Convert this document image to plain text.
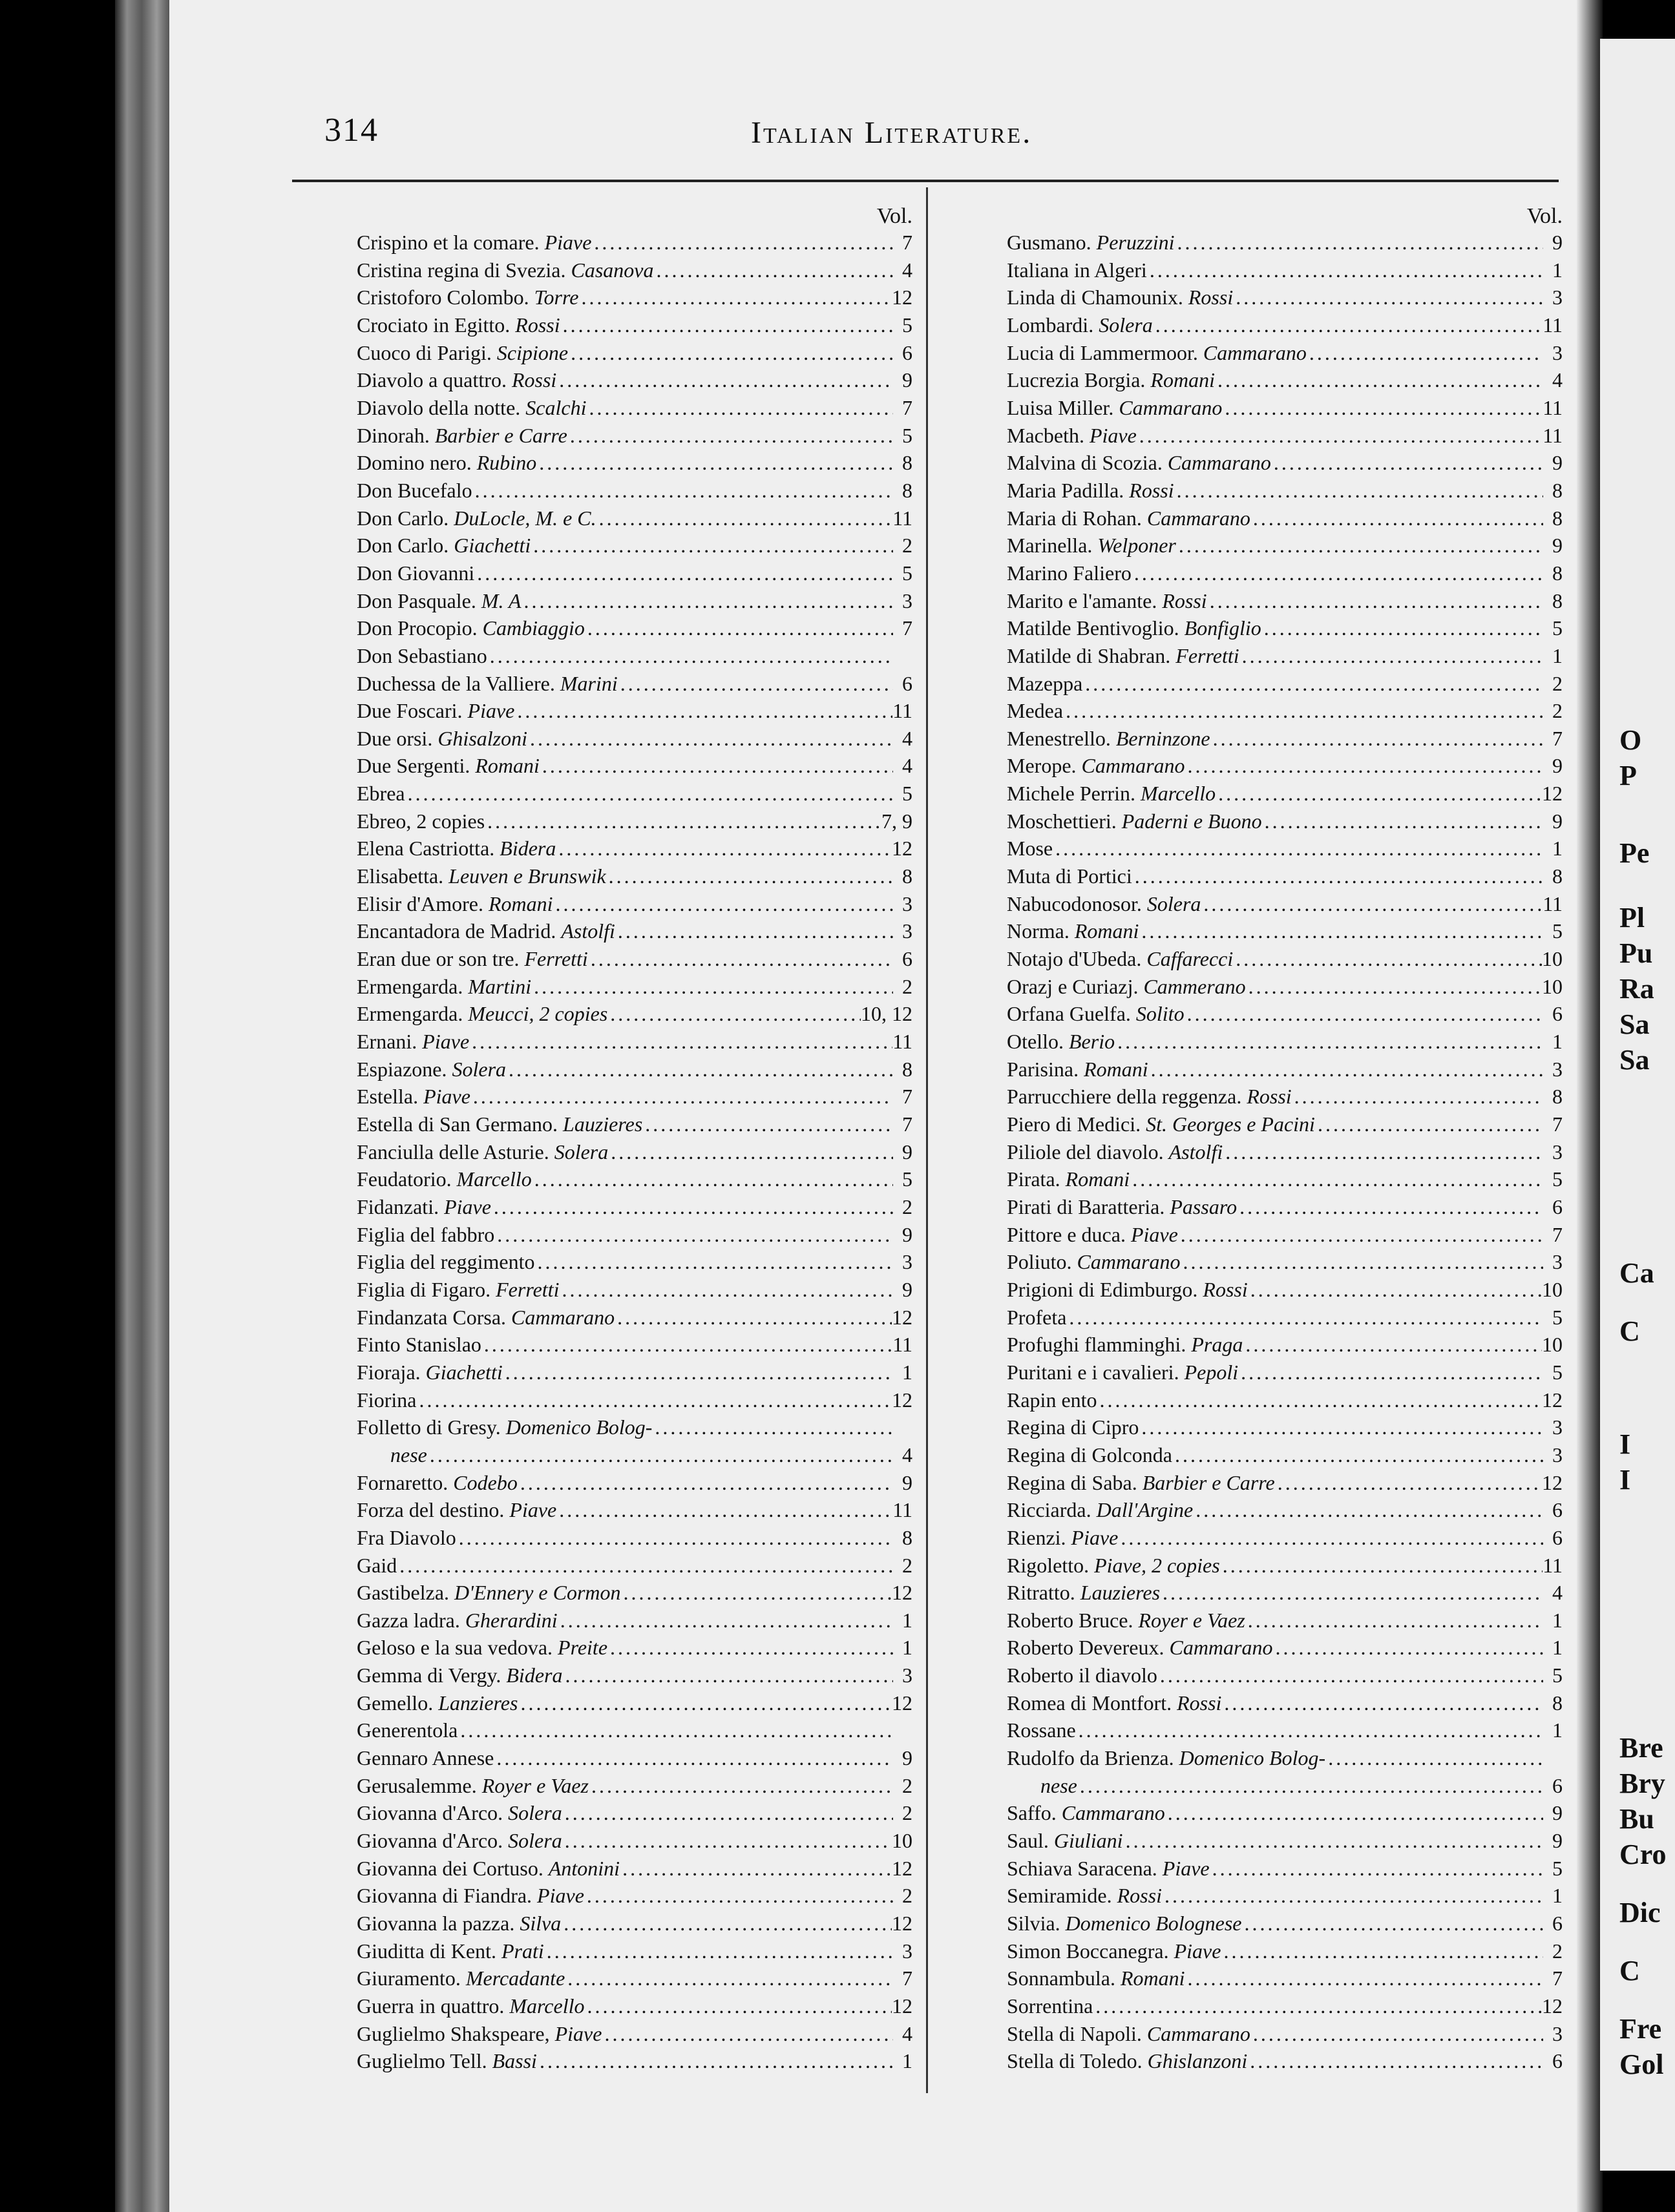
314	Italian Literature.
Vol.
Crispino et la comare. Piave .....	7
Cristina regina di Svezia. Casanova .....	4
Cristoforo Colombo. Torre .....	12
Crociato in Egitto. Rossi .....	5
Cuoco di Parigi. Scipione .....	6
Diavolo a quattro. Rossi .....	9
Diavolo della notte. Scalchi .....	7
Dinorah. Barbier e Carre .....	5
Domino nero. Rubino .....	8
Don Bucefalo .....	8
Don Carlo. DuLocle, M. e C. .....	11
Don Carlo. Giachetti .....	2
Don Giovanni .....	5
Don Pasquale. M. A .....	3
Don Procopio. Cambiaggio .....	7
Don Sebastiano
.....
Duchessa de la Valliere. Marini .....	6
Due Foscari. Piave .....	11
Due orsi. Ghisalzoni .....	4
Due Sergenti. Romani .....	4
Ebrea .....	5
Ebreo, 2 copies .....	7, 9
Elena Castriotta. Bidera .....	12
Elisabetta. Leuven e Brunswik .....	8
Elisir d'Amore. Romani .....	3
Encantadora de Madrid. Astolfi .....	3
Eran due or son tre. Ferretti .....	6
Ermengarda. Martini .....	2
Ermengarda. Meucci, 2 copies .....	10, 12
Ernani. Piave .....	11
Espiazone. Solera .....	8
Estella. Piave .....	7
Estella di San Germano. Lauzieres .....	7
Fanciulla delle Asturie. Solera .....	9
Feudatorio. Marcello .....	5
Fidanzati. Piave .....	2
Figlia del fabbro .....	9
Figlia del reggimento .....	3
Figlia di Figaro. Ferretti .....	9
Findanzata Corsa. Cammarano .....	12
Finto Stanislao .....	11
Fioraja. Giachetti .....	1
Fiorina .....	12
Folletto di Gresy. Domenico Bolog-
.....
nese .....	4
Fornaretto. Codebo .....	9
Forza del destino. Piave .....	11
Fra Diavolo .....	8
Gaid .....	2
Gastibelza. D'Ennery e Cormon .....	12
Gazza ladra. Gherardini .....	1
Geloso e la sua vedova. Preite .....	1
Gemma di Vergy. Bidera .....	3
Gemello. Lanzieres .....	12
Generentola
.....
Gennaro Annese .....	9
Gerusalemme. Royer e Vaez .....	2
Giovanna d'Arco. Solera .....	2
Giovanna d'Arco. Solera .....	10
Giovanna dei Cortuso. Antonini .....	12
Giovanna di Fiandra. Piave .....	2
Giovanna la pazza. Silva .....	12
Giuditta di Kent. Prati .....	3
Giuramento. Mercadante .....	7
Guerra in quattro. Marcello .....	12
Guglielmo Shakspeare, Piave .....	4
Guglielmo Tell. Bassi .....	1
Vol.
Gusmano. Peruzzini .....	9
Italiana in Algeri .....	1
Linda di Chamounix. Rossi .....	3
Lombardi. Solera .....	11
Lucia di Lammermoor. Cammarano .....	3
Lucrezia Borgia. Romani .....	4
Luisa Miller. Cammarano .....	11
Macbeth. Piave .....	11
Malvina di Scozia. Cammarano .....	9
Maria Padilla. Rossi .....	8
Maria di Rohan. Cammarano .....	8
Marinella. Welponer .....	9
Marino Faliero .....	8
Marito e l'amante. Rossi .....	8
Matilde Bentivoglio. Bonfiglio .....	5
Matilde di Shabran. Ferretti .....	1
Mazeppa .....	2
Medea .....	2
Menestrello. Berninzone .....	7
Merope. Cammarano .....	9
Michele Perrin. Marcello .....	12
Moschettieri. Paderni e Buono .....	9
Mose .....	1
Muta di Portici .....	8
Nabucodonosor. Solera .....	11
Norma. Romani .....	5
Notajo d'Ubeda. Caffarecci .....	10
Orazj e Curiazj. Cammerano .....	10
Orfana Guelfa. Solito .....	6
Otello. Berio .....	1
Parisina. Romani .....	3
Parrucchiere della reggenza. Rossi .....	8
Piero di Medici. St. Georges e Pacini .....	7
Piliole del diavolo. Astolfi .....	3
Pirata. Romani .....	5
Pirati di Baratteria. Passaro .....	6
Pittore e duca. Piave .....	7
Poliuto. Cammarano .....	3
Prigioni di Edimburgo. Rossi .....	10
Profeta .....	5
Profughi flamminghi. Praga .....	10
Puritani e i cavalieri. Pepoli .....	5
Rapin ento .....	12
Regina di Cipro .....	3
Regina di Golconda .....	3
Regina di Saba. Barbier e Carre .....	12
Ricciarda. Dall'Argine .....	6
Rienzi. Piave .....	6
Rigoletto. Piave, 2 copies .....	11
Ritratto. Lauzieres .....	4
Roberto Bruce. Royer e Vaez .....	1
Roberto Devereux. Cammarano .....	1
Roberto il diavolo .....	5
Romea di Montfort. Rossi .....	8
Rossane .....	1
Rudolfo da Brienza. Domenico Bolog-
.....
nese .....	6
Saffo. Cammarano .....	9
Saul. Giuliani .....	9
Schiava Saracena. Piave .....	5
Semiramide. Rossi .....	1
Silvia. Domenico Bolognese .....	6
Simon Boccanegra. Piave .....	2
Sonnambula. Romani .....	7
Sorrentina .....	12
Stella di Napoli. Cammarano .....	3
Stella di Toledo. Ghislanzoni .....	6
O
P
Pe
Pl
Pu
Ra
Sa
Sa
Ca
C
I
I
Bre
Bry
Bu
Cro
Dic
C
Fre
Gol
